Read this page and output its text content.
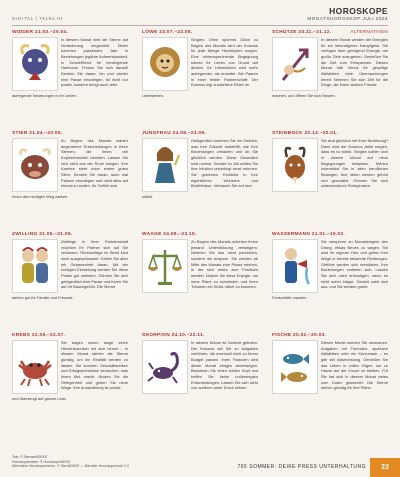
HOROSKOPE
DIGITAL | 76182.IH	MONATSHOROSKOP JULI 2024
WIDDER 21.03.–20.04.
In diesem Monat sind die Sterne auf Veränderung eingestellt. Dieter kommen passendes Jahr in Beziehungen jegliche Aufmerksamkeit, in Schule/Beruf für beruhigende Harmonie. Freuen Sie sich darauf! Denken Sie daran, hin und wieder eine Pause einzulegen, ist nicht nur positiv, sondern bringt auch viele
aufregende Neuerungen in Ihr Leben.
STIER 21.04.–20.05.
Zu Beginn des Monats warten angenehme Entscheidungen in Ihren Sternen, die Ihnen viel Kopfzerbrechen bereiten. Lassen Sie sich nicht aus der Ruhe bringen. Ihre Karriere steht unter einem guten Stern. Denken Sie daran, auch mal Pausen einzulegen und nicht alles auf einmal zu wollen. Ihr Gefühl wird
Ihnen den richtigen Weg weisen.
ZWILLING 21.05.–21.06.
Zwillinge in Ihrer Partnerschaft möchten Ihr Partner sich auf Sie verlassen. Rückschläge im Beruf sind nicht ausgeschlossen. Gehen Sie aber mit Gelassenheit daran. Mit der richtigen Einstellung werden Sie diese Phase gut meistern. Gönnen Sie sich gelegentlich eine Pause und hören Sie auf Ihr Bauchgefühl. Die Sterne
stehen gut für Familie und Freunde.
KREBS 22.06.–22.07.
Sie tragen schon lange einen Herzenswunsch mit sich herum – in diesem Monat stehen die Sterne günstig, um ihn Realität werden zu lassen. Sie konnten Geschäftsreisen und Erfolgserlebnisse verbuchen, was Ihnen Mut macht. Nutzen Sie die Gelegenheit und gehen Sie neue Wege. Ihre Ausstrahlung ist positiv
und überzeugt auf ganzer Linie.
LÖWE 23.07.–23.08.
Singles: Ohne spürend Glück zu Beginn des Monats wird der Kosmos für jede Menge Herzklopfen sorgen. Eine vielversprechende Begegnung könnte Ihr Leben von Grund auf ändern. Ihr Liebesleben wird mehr aufregender, als erwartet. Bei Paaren in einer festen Partnerschaft: Der Kosmos legt zusätzliche Reize im
Liebesleben.
JUNGFRAU 24.08.–23.09.
Gelegentlich kommen Sie ins Grübeln, was Ihre Zukunft anbetrifft, wie Ihre Beziehungen verlaufen und ob Sie glücklich werden. Diese Gedanken sind normal. Gerade im Juli sollten Sie Ihre Intuition unbedingt ernst nehmen. Sie gewinnen Einblicke in Ihre eigentlichen Wünsche und Bedürfnisse. Vertrauen Sie auf sich
selbst.
WAAGE 24.09.–23.10.
Zu Beginn des Monats möchten Ihnen jemand Unterstützung verweigern. Nehmen Sie das nicht persönlich, sondern als Ansporn. Sie werden ab Mitte des Monats eine Phase erleben, in der sich vieles zum Positiven wendet. Nutzen Sie diese Energie, um neue Pläne zu schmieden und Ihren Träumen ein Stück näher zu kommen.
SKORPION 24.10.–22.11.
In diesem Monat ist Vorsicht geboten. Der Kosmos will Sie zu Aufgaben verführen, die eventuell nicht zu Ihrem Budget passen. Ihren Finanzen wird dieser Monat einiges abverlangen. Bewahren Sie einen kühlen Kopf und treffen Sie keine unüberlegten Entscheidungen. Lassen Sie sich nicht von anderen unter Druck setzen.
SCHÜTZE 23.11.–21.12.	ALTERNATIVEN
In diesem Monat werden die Energien für ein lebendigeres Kampfgeist. Sie verfügen über genügend Energie, um große Ziele anzugehen. Genießen Sie die Zeit zum Entspannen. Diesen Monat hält Venus für gesellige Aktivitäten viele Überraschungen bereit. Nehmen Sie sich Zeit für die Dinge, die Ihnen wirklich Freude
machen, und öffnen Sie sich Neuem.
STEINBOCK 22.12.–20.01.
Sie sind glücklich mit Ihrer Beziehung? Dann wird der Kosmos dafür sorgen, dass es so bleibt. Singles sollten sich in diesem Monat auf neue Begegnungen einlassen. Merkur unterstützt Sie in allen beruflichen Belangen. Ihre Ideen werden gehört und geschätzt. Gönnen Sie sich zwischendurch Ruhephasen.
WASSERMANN 21.01.–19.02.
Sie verspüren zu Monatsbeginn den Drang, etwas Neues zu wagen. Sie sind Ihr eigener Herr und gehen Ihre Wege in bereits bekannte Richtungen. Gefühle werden sich verstärken, Ihre Beziehungen vertiefen sich. Lassen Sie sich nicht entmutigen, wenn es nicht sofort klappt. Geduld zahlt sich aus, und Sie werden große
Fortschritte machen.
FISCHE 20.02.–20.03.
Diesen Monat werden Sie umworben. Aufgaben mit Freunden, spontane Aktivitäten oder ein Kurzurlaub – es gibt viel Abwechslung. Genießen Sie das Leben in vollen Zügen, um zu Hause auf der Couch zu bleiben. Für Sie hat sich in diesem Monat vieles zum Guten gewendet. Die Sterne stehen günstig für Ihre Pläne.
Text: © Sternzeit/DEKE
Horoskopzeichen: © Horoskope/DEKE
Alternative Horoskopzeichen: © Sterni/DEKE — Bild aller Horoskope/nach 2.0	765 SOMMER: DEIKE PRESS UNTERHALTUNG	23
